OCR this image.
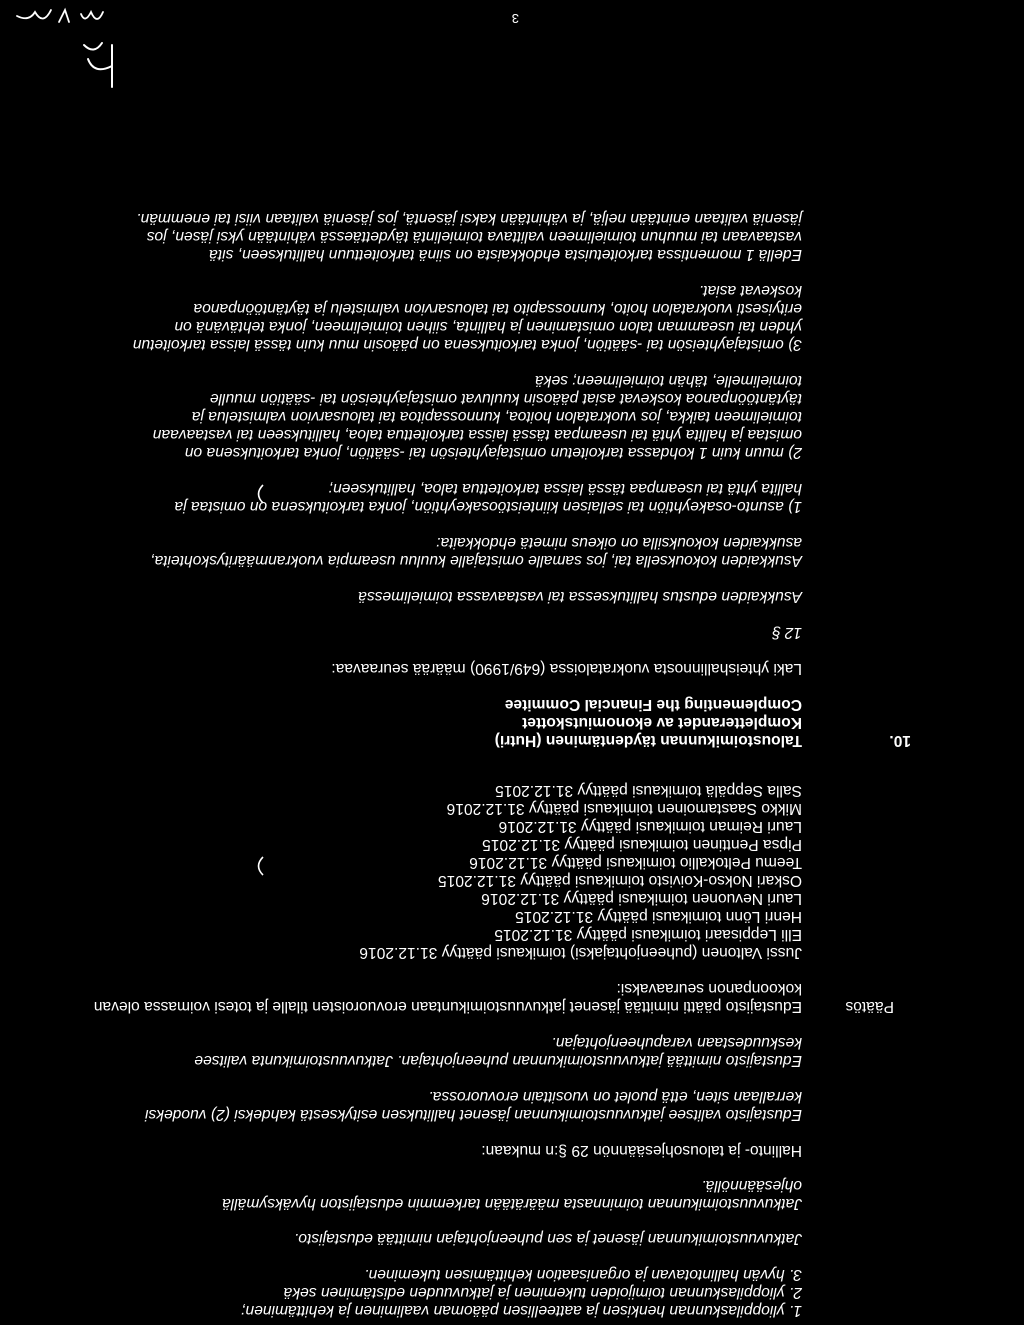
1. ylioppilaskunnan henkisen ja aatteellisen pääoman vaaliminen ja kehittäminen;
2. ylioppilaskunnan toimijoiden tukeminen ja jatkuvuuden edistäminen sekä
3. hyvän hallintotavan ja organisaation kehittämisen tukeminen.
Jatkuvuustoimikunnan jäsenet ja sen puheenjohtajan nimittää edustajisto.
Jatkuvuustoimikunnan toiminnasta määrätään tarkemmin edustajiston hyväksymällä
ohjesäännöllä.
Hallinto- ja talousohjesäännön 29 §:n mukaan:
Edustajisto valitsee jatkuvuustoimikunnan jäsenet hallituksen esityksestä kahdeksi (2) vuodeksi
kerrallaan siten, että puolet on vuosittain erovuorossa.
Edustajisto nimittää jatkuvuustoimikunnan puheenjohtajan. Jatkuvuustoimikunta valitsee
keskuudestaan varapuheenjohtajan.
Päätös
Edustajisto päätti nimittää jäsenet jatkuvuustoimikuntaan erovuoroisten tilalle ja totesi voimassa olevan
kokoonpanon seuraavaksi:
Jussi Valtonen (puheenjohtajaksi) toimikausi päättyy 31.12.2016
Elli Leppisaari toimikausi päättyy 31.12.2015
Henri Lönn toimikausi päättyy 31.12.2015
Lauri Nevuonen toimikausi päättyy 31.12.2016
Oskari Nokso-Koivisto toimikausi päättyy 31.12.2015
Teemu Peltokallio toimikausi päättyy 31.12.2016
Pipsa Penttinen toimikausi päättyy 31.12.2015
Lauri Reiman toimikausi päättyy 31.12.2016
Mikko Saastamoinen toimikausi päättyy 31.12.2016
Salla Seppälä toimikausi päättyy 31.12.2015
10.
Taloustoimikunnan täydentäminen (Hutri)
Kompletterandet av ekonomiutskottet
Complementing the Financial Commitee
Laki yhteishallinnosta vuokrataloissa (649/1990) määrää seuraavaa:
12 §
Asukkaiden edustus hallituksessa tai vastaavassa toimielimessä
Asukkaiden kokouksella tai, jos samalle omistajalle kuuluu useampia vuokranmäärityskohteita,
asukkaiden kokouksilla on oikeus nimetä ehdokkaita:
1) asunto-osakeyhtiön tai sellaisen kiinteistöosakeyhtiön, jonka tarkoituksena on omistaa ja
hallita yhtä tai useampaa tässä laissa tarkoitettua taloa, hallitukseen;
2) muun kuin 1 kohdassa tarkoitetun omistajayhteisön tai -säätiön, jonka tarkoituksena on
omistaa ja hallita yhtä tai useampaa tässä laissa tarkoitettua taloa, hallitukseen tai vastaavaan
toimielimeen taikka, jos vuokratalon hoitoa, kunnossapitoa tai talousarvion valmistelua ja
täytäntöönpanoa koskevat asiat pääosin kuuluvat omistajayhteisön tai -säätiön muulle
toimielimelle, tähän toimielimeen; sekä
3) omistajayhteisön tai -säätiön, jonka tarkoituksena on pääosin muu kuin tässä laissa tarkoitetun
yhden tai useamman talon omistaminen ja hallinta, siihen toimielimeen, jonka tehtävänä on
erityisesti vuokratalon hoito, kunnossapito tai talousarvion valmistelu ja täytäntöönpanoa
koskevat asiat.
Edellä 1 momentissa tarkoitetuista ehdokkaista on siinä tarkoitettuun hallitukseen, sitä
vastaavaan tai muuhun toimielimeen valittava toimielintä täydettäessä vähintään yksi jäsen, jos
jäseniä valitaan enintään neljä, ja vähintään kaksi jäsentä, jos jäseniä valitaan viisi tai enemmän.
3
